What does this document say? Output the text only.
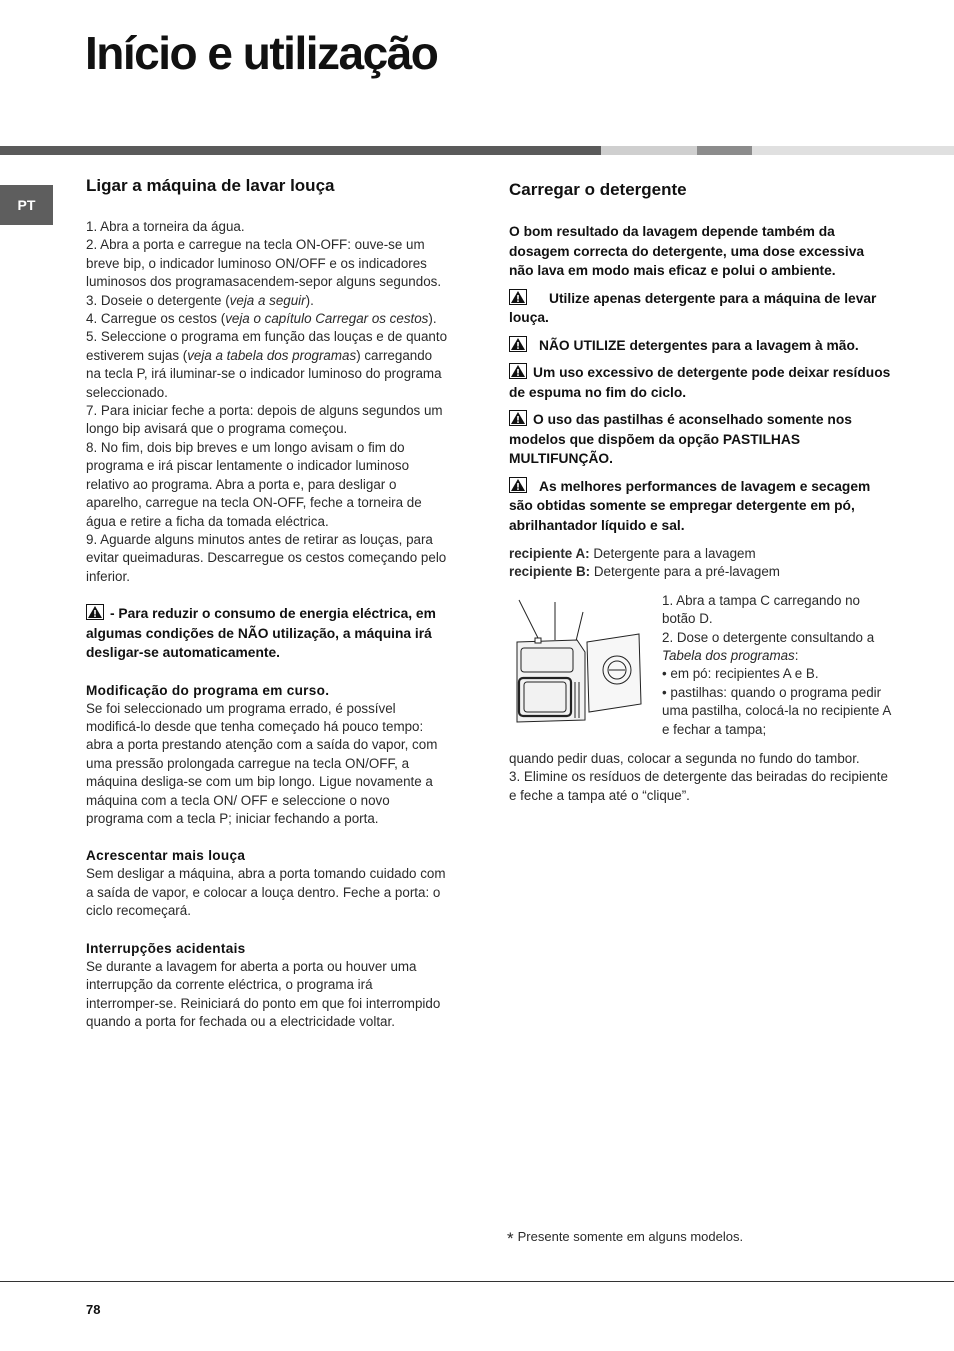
Início e utilização
PT
Ligar a máquina de lavar louça
1. Abra a torneira da água.
2. Abra a porta e carregue na tecla ON-OFF: ouve-se um breve bip, o indicador luminoso ON/OFF e os indicadores luminosos dos programasacendem-sepor alguns segundos.
3. Doseie o detergente (veja a seguir).
4. Carregue os cestos (veja o capítulo Carregar os cestos).
5. Seleccione o programa em função das louças e de quanto estiverem sujas (veja a tabela dos programas) carregando na tecla P, irá iluminar-se o indicador luminoso do programa seleccionado.
7. Para iniciar feche a porta: depois de alguns segundos um longo bip avisará que o programa começou.
8. No fim, dois bip breves e um longo avisam o fim do programa e irá piscar lentamente o indicador luminoso relativo ao programa. Abra a porta e, para desligar o aparelho, carregue na tecla ON-OFF, feche a torneira de água e retire a ficha da tomada eléctrica.
9. Aguarde alguns minutos antes de retirar as louças, para evitar queimaduras. Descarregue os cestos começando pelo inferior.

- Para reduzir o consumo de energia eléctrica, em algumas condições de NÃO utilização, a máquina irá desligar-se automaticamente.

Modificação do programa em curso.

Se foi seleccionado um programa errado, é possível modificá-lo desde que tenha começado há pouco tempo: abra a porta prestando atenção com a saída do vapor, com uma pressão prolongada carregue na tecla ON/OFF, a máquina desliga-se com um bip longo. Ligue novamente a máquina com a tecla ON/ OFF e seleccione o novo programa com a tecla P; iniciar fechando a porta.

Acrescentar mais louça

Sem desligar a máquina, abra a porta tomando cuidado com a saída de vapor, e colocar a louça dentro. Feche a porta: o ciclo recomeçará.

Interrupções acidentais

Se durante a lavagem for aberta a porta ou houver uma interrupção da corrente eléctrica, o programa irá interromper-se. Reiniciará do ponto em que foi interrompido quando a porta for fechada ou a electricidade voltar.

Carregar o detergente

O bom resultado da lavagem depende também da dosagem correcta do detergente, uma dose excessiva não lava em modo mais eficaz e polui o ambiente.

Utilize apenas detergente para a máquina de levar louça.

NÃO UTILIZE detergentes para a lavagem à mão.

Um uso excessivo de detergente pode deixar resíduos de espuma no fim do ciclo.

O uso das pastilhas é aconselhado somente nos modelos que dispõem da opção PASTILHAS MULTIFUNÇÃO.

As melhores performances de lavagem e secagem são obtidas somente se empregar detergente em pó, abrilhantador líquido e sal.

recipiente A: Detergente para a lavagem
recipiente B: Detergente para a pré-lavagem
1. Abra a tampa C carregando no botão D.
2. Dose o detergente consultando a Tabela dos programas:
• em pó: recipientes A e B.
• pastilhas: quando o programa pedir uma pastilha, colocá-la no recipiente A e fechar a tampa;
quando pedir duas, colocar a segunda no fundo do tambor.
3. Elimine os resíduos de detergente das beiradas do recipiente e feche a tampa até o “clique”.
* Presente somente em alguns modelos.
78
